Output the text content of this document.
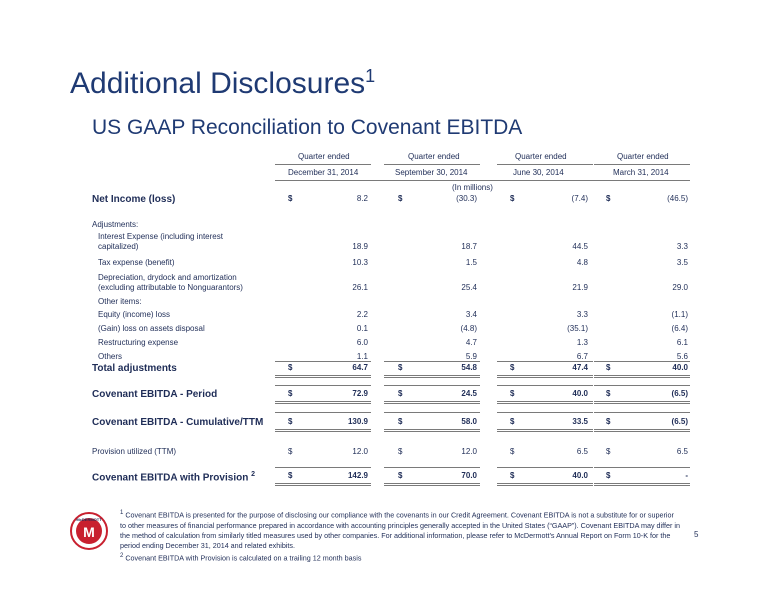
Additional Disclosures$^1$
US GAAP Reconciliation to Covenant EBITDA
Quarter ended	Quarter ended	Quarter ended	Quarter ended
December 31, 2014	September 30, 2014	June 30, 2014	March 31, 2014
(In millions)
Net Income (loss)	$	8.2	$	(30.3)	$	(7.4) $	(46.5)
Adjustments:
Interest Expense (including interest
capitalized)	18.9	18.7	44.5	3.3
Tax expense (benefit)	10.3	1.5	4.8	3.5
Depreciation, drydock and amortization
(excluding attributable to Nonguarantors)	26.1	25.4	21.9	29.0
Other items:
Equity (income) loss	2.2	3.4	3.3	(1.1)
(Gain) loss on assets disposal	0.1	(4.8)	(35.1)	(6.4)
Restructuring expense	6.0	4.7	1.3	6.1
Others	1.1	5.9	6.7	5.6
Total adjustments	$	64.7	$	54.8	$	47.4 $	40.0
Covenant EBITDA - Period	$	72.9	$	24.5	$	40.0 $	(6.5)
Covenant EBITDA - Cumulative/TTM	$	130.9	$	58.0	$	33.5 $	(6.5)
Provision utilized (TTM)	$	12.0	$	12.0	$	6.5 $	6.5
Covenant EBITDA with Provision $^2$	$	142.9	$	70.0	$	40.0 $	-
McDERMOTT
M
$^1$ Covenant EBITDA is presented for the purpose of disclosing our compliance with the covenants in our Credit Agreement. Covenant EBITDA is not a substitute for or superior to other measures of financial performance prepared in accordance with accounting principles generally accepted in the United States (“GAAP”). Covenant EBITDA may differ in the method of calculation from similarly titled measures used by other companies. For additional information, please refer to McDermott’s Annual Report on Form 10-K for the period ending December 31, 2014 and related exhibits.
$^2$ Covenant EBITDA with Provision is calculated on a trailing 12 month basis
5
